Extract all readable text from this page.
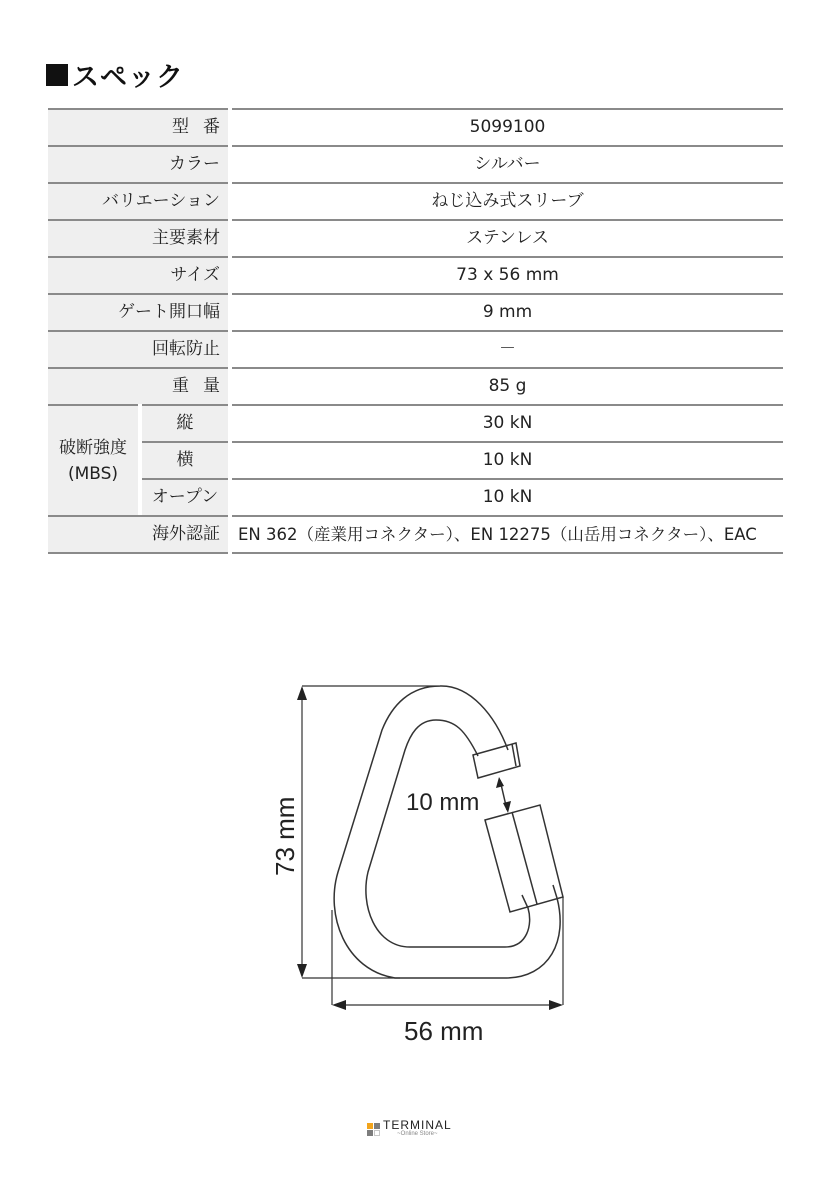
スペック
型番	5099100
カラー	シルバー
バリエーション	ねじ込み式スリーブ
主要素材	ステンレス
サイズ	73 x 56 mm
ゲート開口幅	9 mm
回転防止	－
重量	85 g
破断強度
(MBS)
縦	30 kN
横	10 kN
オープン	10 kN
海外認証	EN 362（産業用コネクター）、EN 12275（山岳用コネクター）、EAC
73 mm	10 mm
56 mm
TERMINAL
~Online Store~
